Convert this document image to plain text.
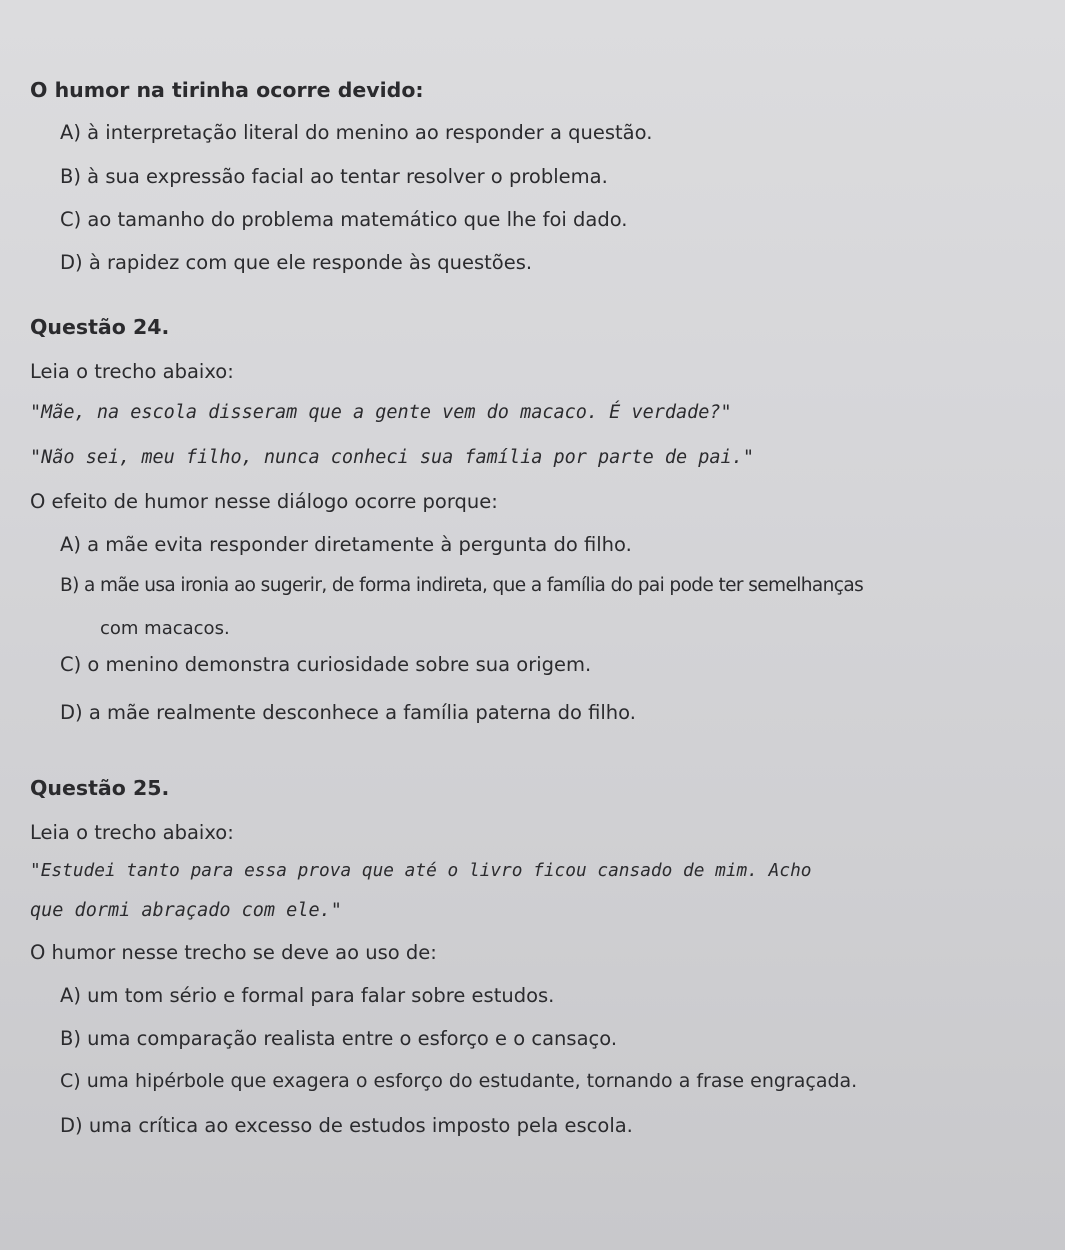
O humor na tirinha ocorre devido:
A) à interpretação literal do menino ao responder a questão.
B) à sua expressão facial ao tentar resolver o problema.
C) ao tamanho do problema matemático que lhe foi dado.
D) à rapidez com que ele responde às questões.
Questão 24.
Leia o trecho abaixo:
"Mãe, na escola disseram que a gente vem do macaco. É verdade?"
"Não sei, meu filho, nunca conheci sua família por parte de pai."
O efeito de humor nesse diálogo ocorre porque:
A) a mãe evita responder diretamente à pergunta do filho.
B) a mãe usa ironia ao sugerir, de forma indireta, que a família do pai pode ter semelhanças
com macacos.
C) o menino demonstra curiosidade sobre sua origem.
D) a mãe realmente desconhece a família paterna do filho.
Questão 25.
Leia o trecho abaixo:
"Estudei tanto para essa prova que até o livro ficou cansado de mim. Acho
que dormi abraçado com ele."
O humor nesse trecho se deve ao uso de:
A) um tom sério e formal para falar sobre estudos.
B) uma comparação realista entre o esforço e o cansaço.
C) uma hipérbole que exagera o esforço do estudante, tornando a frase engraçada.
D) uma crítica ao excesso de estudos imposto pela escola.
